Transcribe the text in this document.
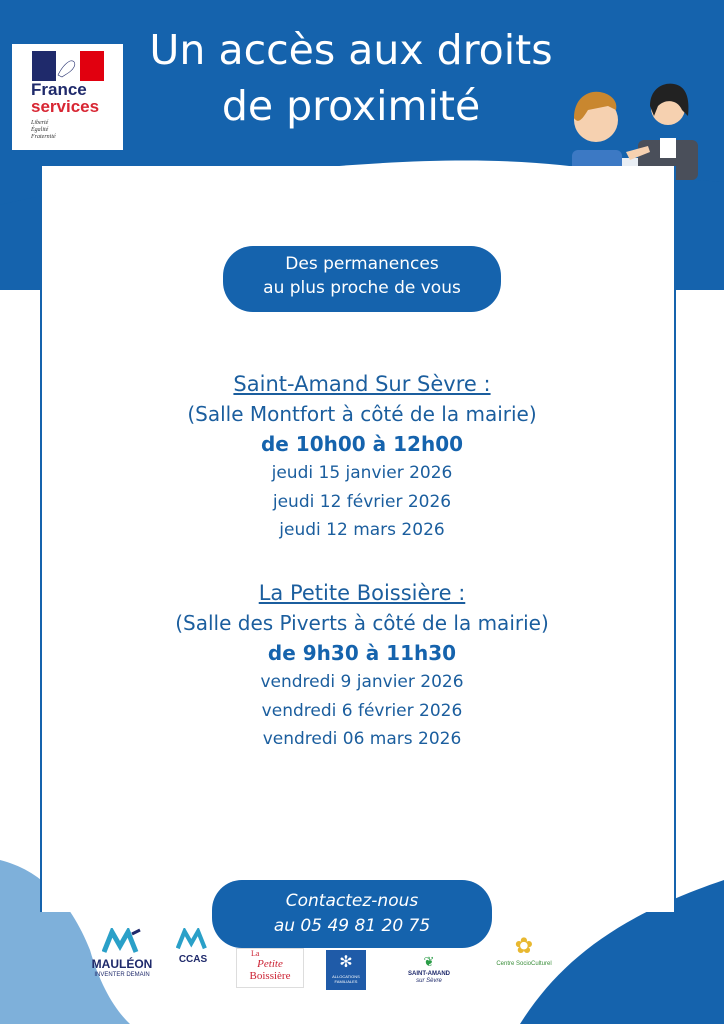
France
services
Liberté
Égalité
Fraternité
Un accès aux droits
de proximité
Des permanences
au plus proche de vous
Saint-Amand Sur Sèvre :
(Salle Montfort à côté de la mairie)
de 10h00 à 12h00
jeudi 15 janvier 2026
jeudi 12 février 2026
jeudi 12 mars 2026
La Petite Boissière :
(Salle des Piverts à côté de la mairie)
de 9h30 à 11h30
vendredi 9 janvier 2026
vendredi 6 février 2026
vendredi 06 mars 2026
Contactez-nous
au 05 49 81 20 75
MAULÉON
INVENTER DEMAIN
CCAS
La
Petite
Boissière
✻
ALLOCATIONS FAMILIALES
❦
SAINT-AMAND
sur Sèvre
✿
Centre SocioCulturel
